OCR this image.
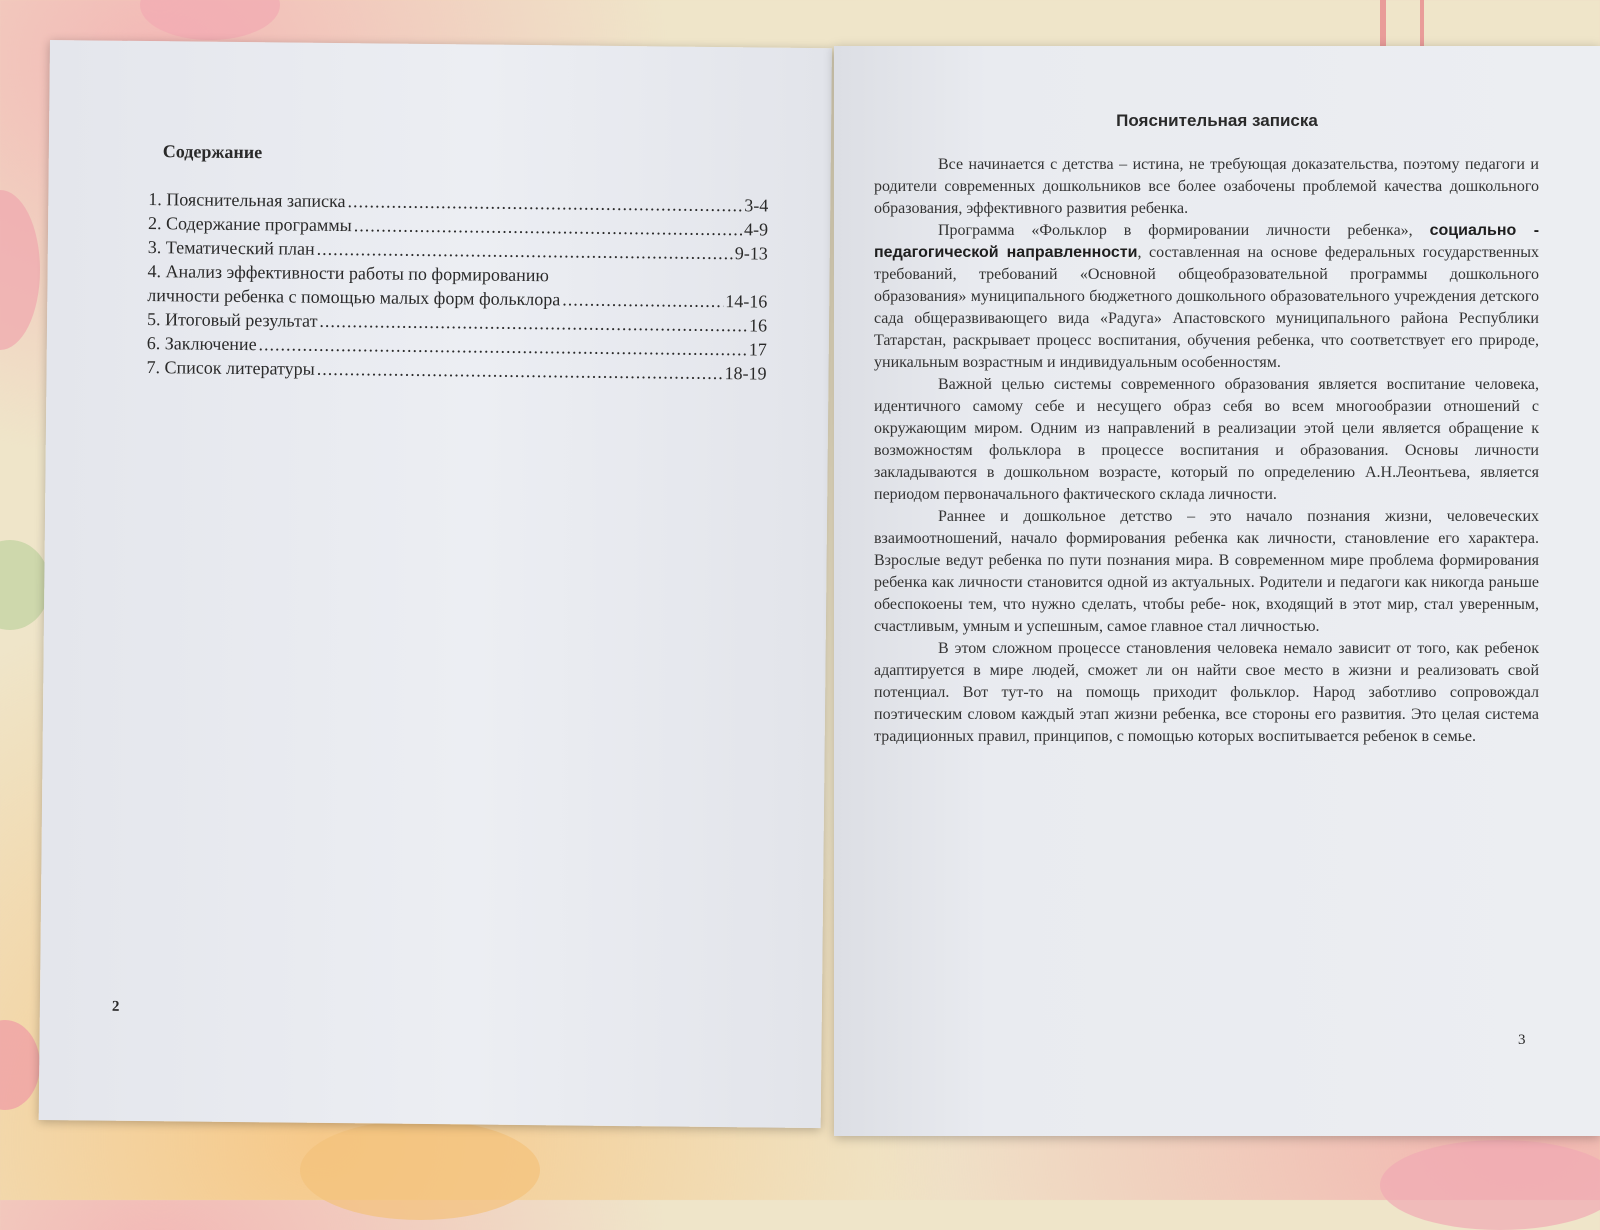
Содержание
1. Пояснительная записка .....	3-4
2. Содержание программы .....	4-9
3. Тематический план .....	9-13
4. Анализ эффективности работы по формированию
личности ребенка с помощью малых форм фольклора .....	14-16
5. Итоговый результат .....	16
6. Заключение .....	17
7. Список литературы .....	18-19
2
Пояснительная записка

Все начинается с детства – истина, не требующая доказательства, поэтому педагоги и родители современных дошкольников все более озабочены проблемой качества дошкольного образования, эффективного развития ребенка.

Программа «Фольклор в формировании личности ребенка», социально - педагогической направленности, составленная на основе федеральных государственных требований, требований «Основной общеобразовательной программы дошкольного образования» муниципального бюджетного дошкольного образовательного учреждения детского сада общеразвивающего вида «Радуга» Апастовского муниципального района Республики Татарстан, раскрывает процесс воспитания, обучения ребенка, что соответствует его природе, уникальным возрастным и индивидуальным особенностям.

Важной целью системы современного образования является воспитание человека, идентичного самому себе и несущего образ себя во всем многообразии отношений с окружающим миром. Одним из направлений в реализации этой цели является обращение к возможностям фольклора в процессе воспитания и образования. Основы личности закладываются в дошкольном возрасте, который по определению А.Н.Леонтьева, является периодом первоначального фактического склада личности.

Раннее и дошкольное детство – это начало познания жизни, человеческих взаимоотношений, начало формирования ребенка как личности, становление его характера. Взрослые ведут ребенка по пути познания мира. В современном мире проблема формирования ребенка как личности становится одной из актуальных. Родители и педагоги как никогда раньше обеспокоены тем, что нужно сделать, чтобы ребе- нок, входящий в этот мир, стал уверенным, счастливым, умным и успешным, самое главное стал личностью.

В этом сложном процессе становления человека немало зависит от того, как ребенок адаптируется в мире людей, сможет ли он найти свое место в жизни и реализовать свой потенциал. Вот тут-то на помощь приходит фольклор. Народ заботливо сопровождал поэтическим словом каждый этап жизни ребенка, все стороны его развития. Это целая система традиционных правил, принципов, с помощью которых воспитывается ребенок в семье.

3
